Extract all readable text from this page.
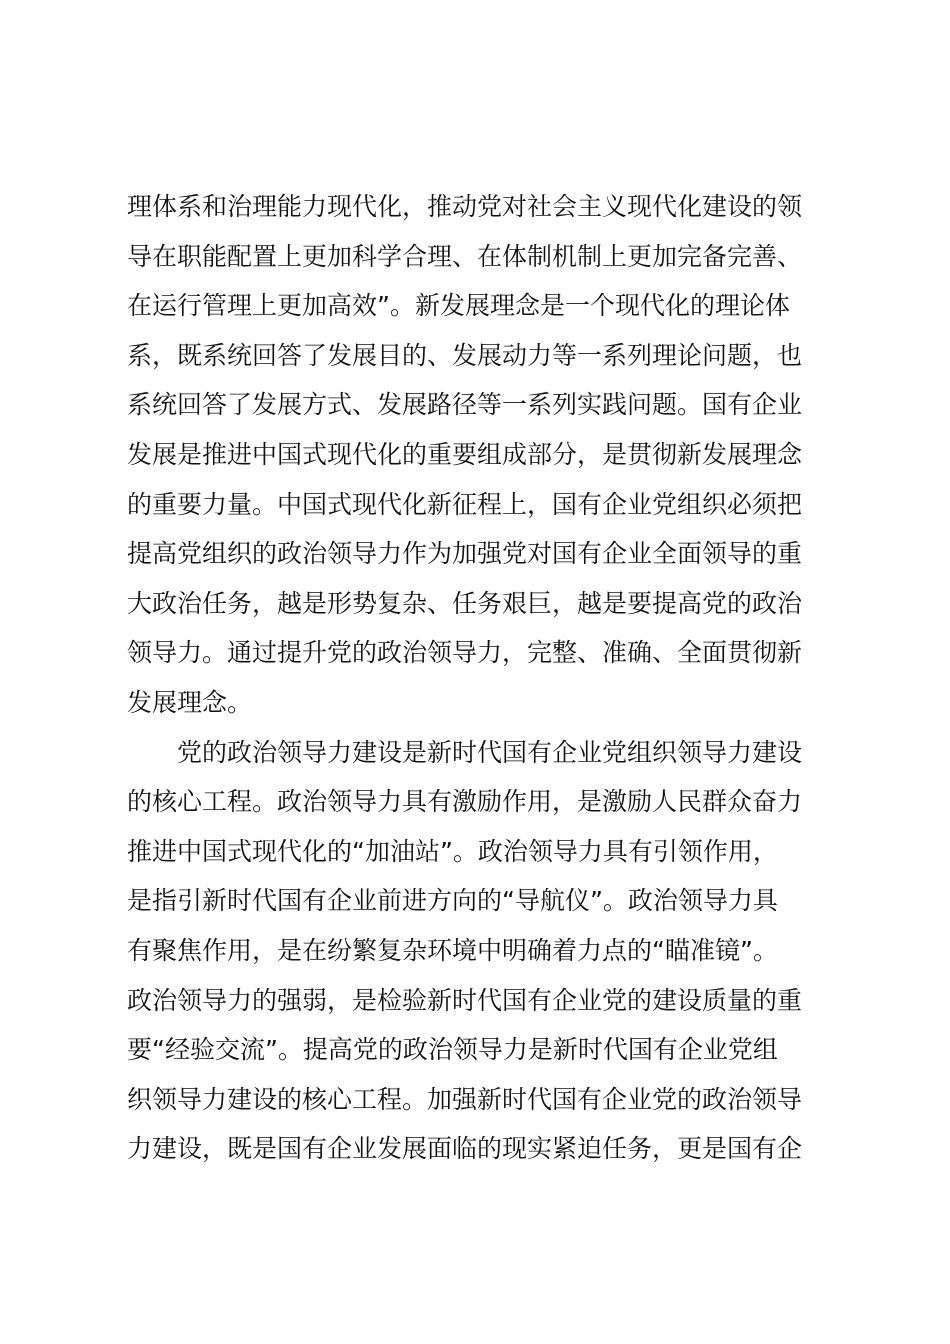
理体系和治理能力现代化，推动党对社会主义现代化建设的领
导在职能配置上更加科学合理、在体制机制上更加完备完善、
在运行管理上更加高效”。新发展理念是一个现代化的理论体
系，既系统回答了发展目的、发展动力等一系列理论问题，也
系统回答了发展方式、发展路径等一系列实践问题。国有企业
发展是推进中国式现代化的重要组成部分，是贯彻新发展理念
的重要力量。中国式现代化新征程上，国有企业党组织必须把
提高党组织的政治领导力作为加强党对国有企业全面领导的重
大政治任务，越是形势复杂、任务艰巨，越是要提高党的政治
领导力。通过提升党的政治领导力，完整、准确、全面贯彻新
发展理念。
党的政治领导力建设是新时代国有企业党组织领导力建设
的核心工程。政治领导力具有激励作用，是激励人民群众奋力
推进中国式现代化的“加油站”。政治领导力具有引领作用，
是指引新时代国有企业前进方向的“导航仪”。政治领导力具
有聚焦作用，是在纷繁复杂环境中明确着力点的“瞄准镜”。
政治领导力的强弱，是检验新时代国有企业党的建设质量的重
要“经验交流”。提高党的政治领导力是新时代国有企业党组
织领导力建设的核心工程。加强新时代国有企业党的政治领导
力建设，既是国有企业发展面临的现实紧迫任务，更是国有企
